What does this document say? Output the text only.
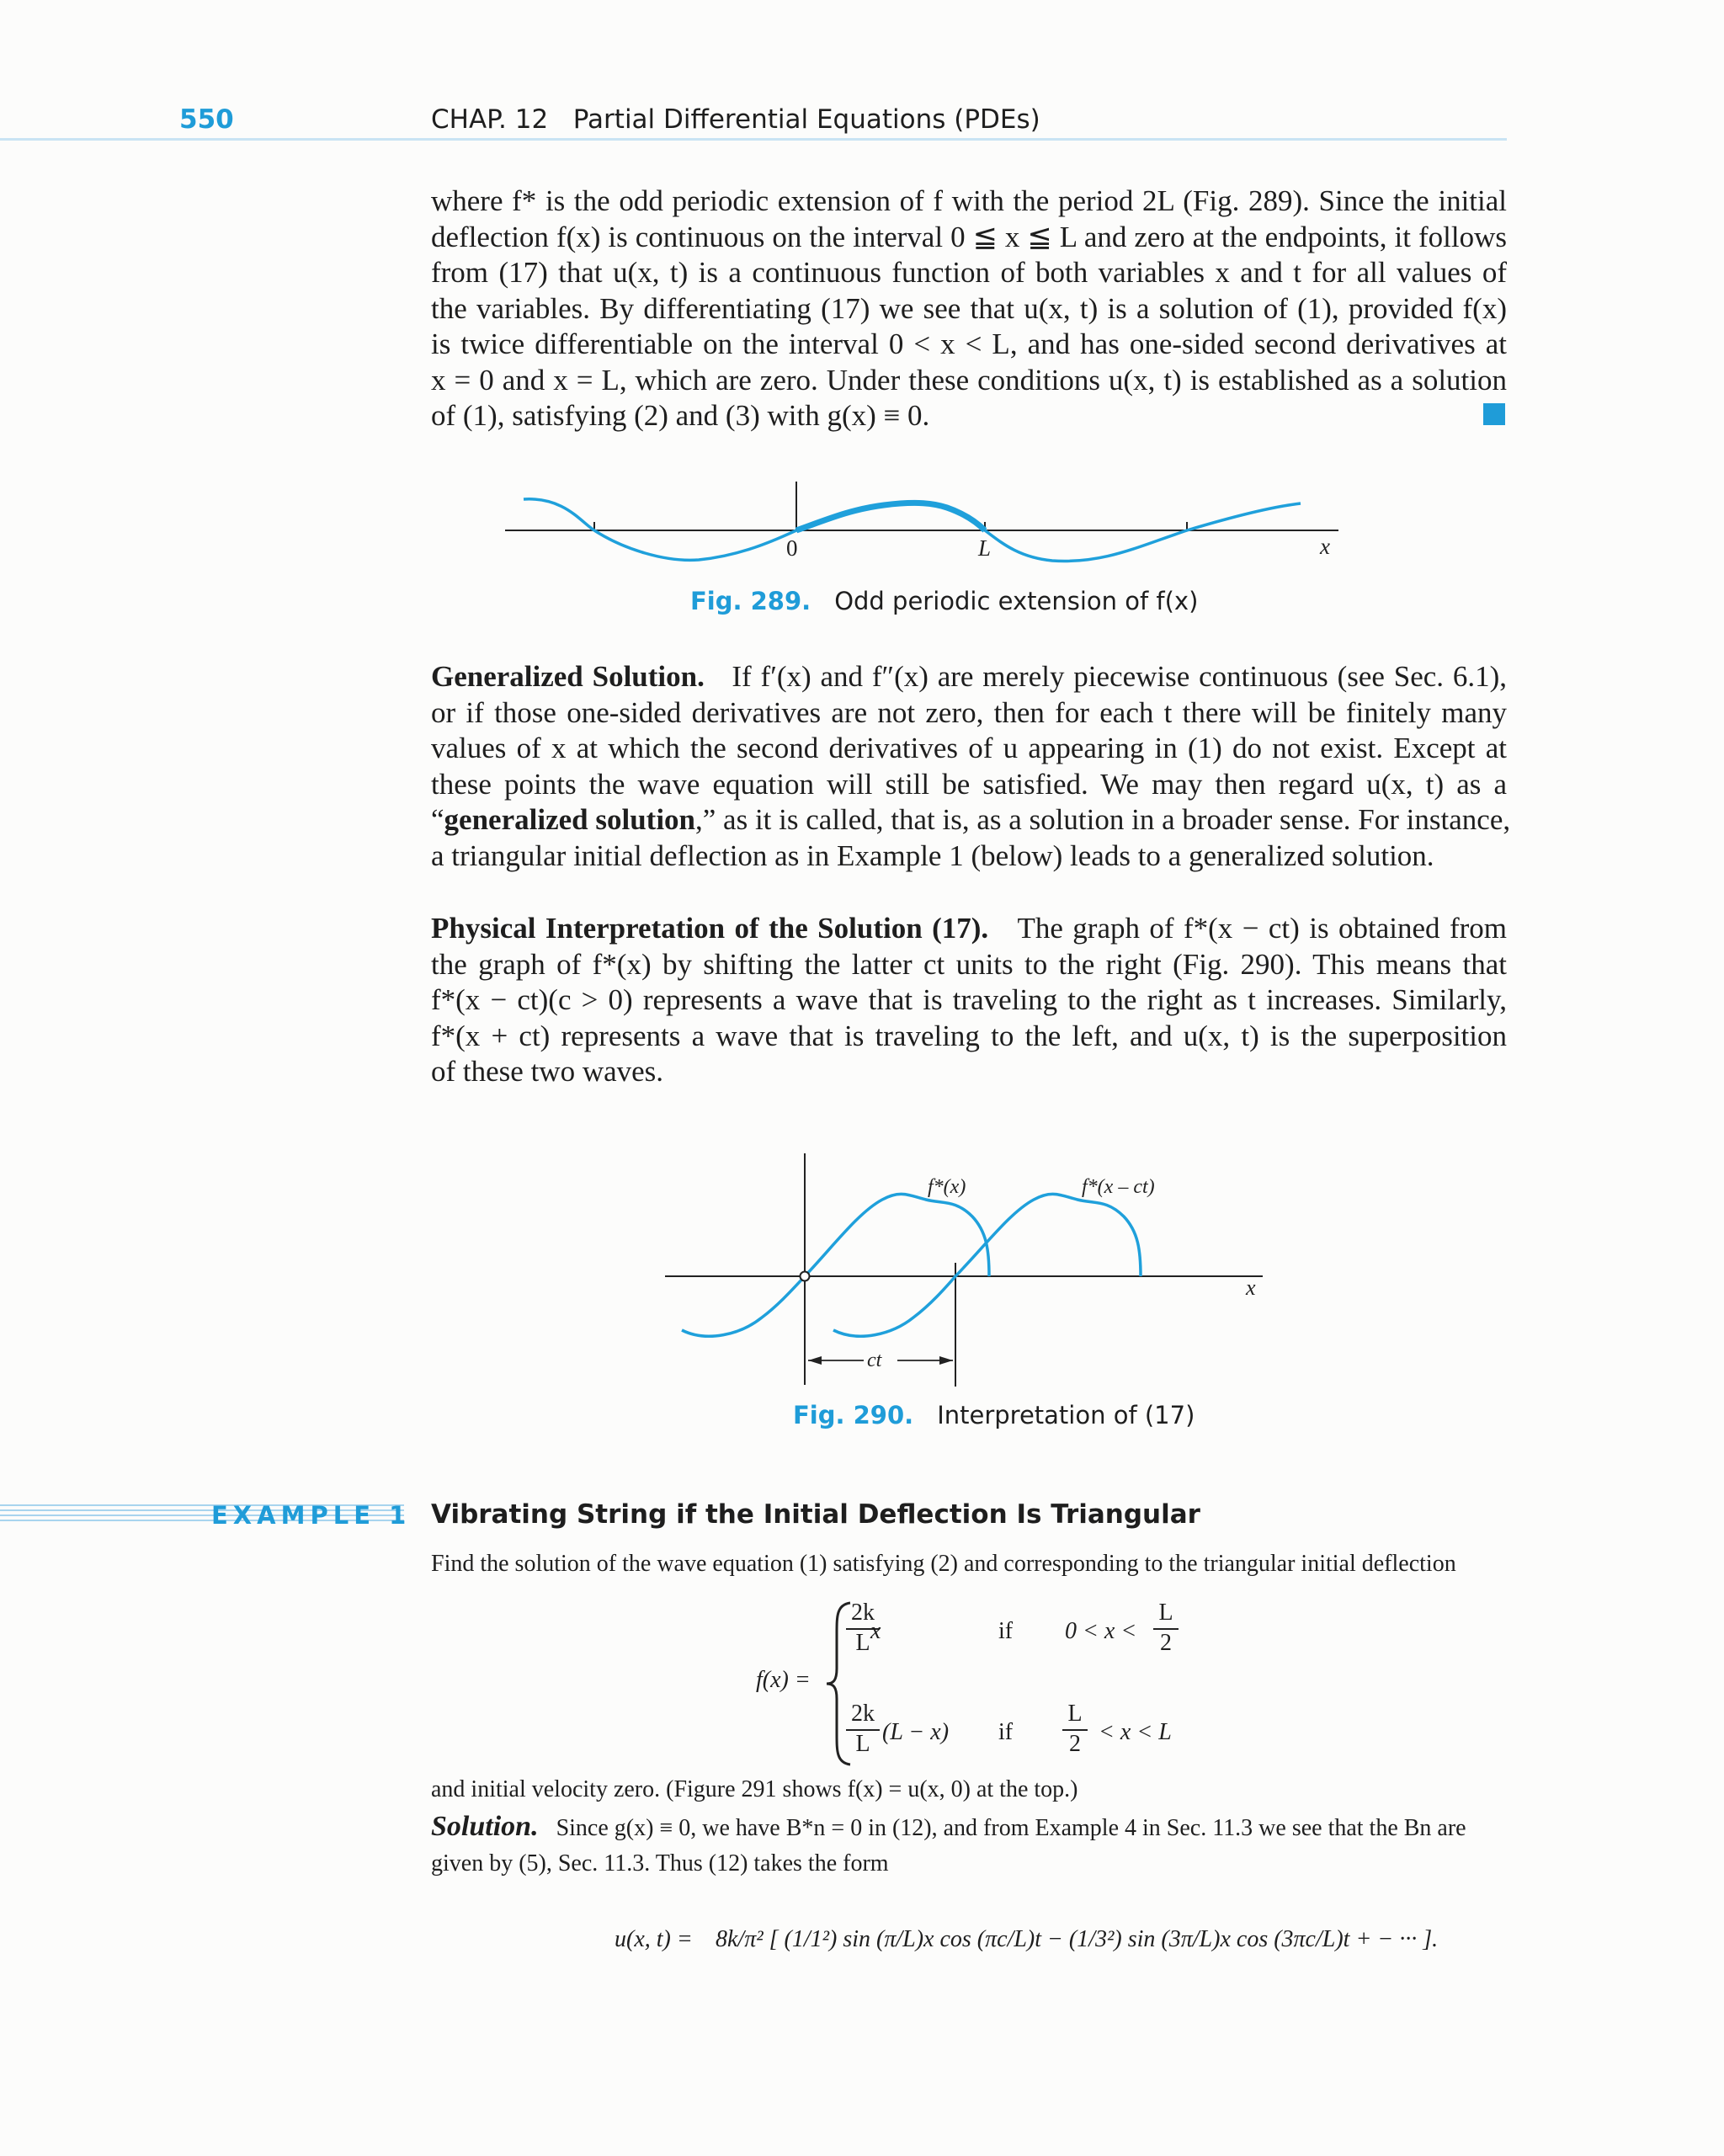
550	CHAP. 12   Partial Differential Equations (PDEs)
where f* is the odd periodic extension of f with the period 2L (Fig. 289). Since the initial
deflection f(x) is continuous on the interval 0 ≦ x ≦ L and zero at the endpoints, it follows
from (17) that u(x, t) is a continuous function of both variables x and t for all values of
the variables. By differentiating (17) we see that u(x, t) is a solution of (1), provided f(x)
is twice differentiable on the interval 0 < x < L, and has one-sided second derivatives at
x = 0 and x = L, which are zero. Under these conditions u(x, t) is established as a solution
of (1), satisfying (2) and (3) with g(x) ≡ 0.
0	L	x
Fig. 289. Odd periodic extension of f(x)
Generalized Solution. If f′(x) and f″(x) are merely piecewise continuous (see Sec. 6.1),
or if those one-sided derivatives are not zero, then for each t there will be finitely many
values of x at which the second derivatives of u appearing in (1) do not exist. Except at
these points the wave equation will still be satisfied. We may then regard u(x, t) as a
“generalized solution,” as it is called, that is, as a solution in a broader sense. For instance,
a triangular initial deflection as in Example 1 (below) leads to a generalized solution.
Physical Interpretation of the Solution (17). The graph of f*(x − ct) is obtained from
the graph of f*(x) by shifting the latter ct units to the right (Fig. 290). This means that
f*(x − ct)(c > 0) represents a wave that is traveling to the right as t increases. Similarly,
f*(x + ct) represents a wave that is traveling to the left, and u(x, t) is the superposition
of these two waves.
ct
f*(x)	f*(x – ct)
x
Fig. 290. Interpretation of (17)
EXAMPLE 1 Vibrating String if the Initial Deflection Is Triangular
Find the solution of the wave equation (1) satisfying (2) and corresponding to the triangular initial deflection
f(x) =
$\frac{2k}{L}$
x	if $0 < x < \frac{L}{2}$
$\frac{2k}{L} (L - x)$ if $\frac{L}{2} < x < L$
and initial velocity zero. (Figure 291 shows f(x) = u(x, 0) at the top.)
Solution. Since g(x) ≡ 0, we have B*n = 0 in (12), and from Example 4 in Sec. 11.3 we see that the Bn are
given by (5), Sec. 11.3. Thus (12) takes the form
u(x, t) = 8k/π² [ (1/1²) sin (π/L)x cos (πc/L)t − (1/3²) sin (3π/L)x cos (3πc/L)t + − ··· ].
